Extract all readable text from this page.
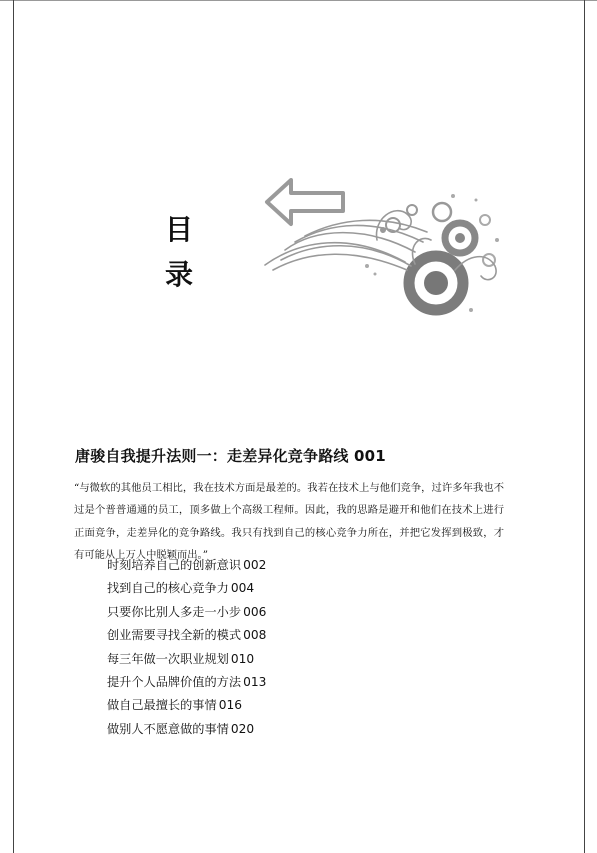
目
录
唐骏自我提升法则一：走差异化竞争路线 001
“与微软的其他员工相比，我在技术方面是最差的。我若在技术上与他们竞争，过许多年我也不过是个普普通通的员工，顶多做上个高级工程师。因此，我的思路是避开和他们在技术上进行正面竞争，走差异化的竞争路线。我只有找到自己的核心竞争力所在，并把它发挥到极致，才有可能从上万人中脱颖而出。”
时刻培养自己的创新意识 002
找到自己的核心竞争力 004
只要你比别人多走一小步 006
创业需要寻找全新的模式 008
每三年做一次职业规划 010
提升个人品牌价值的方法 013
做自己最擅长的事情 016
做别人不愿意做的事情 020
